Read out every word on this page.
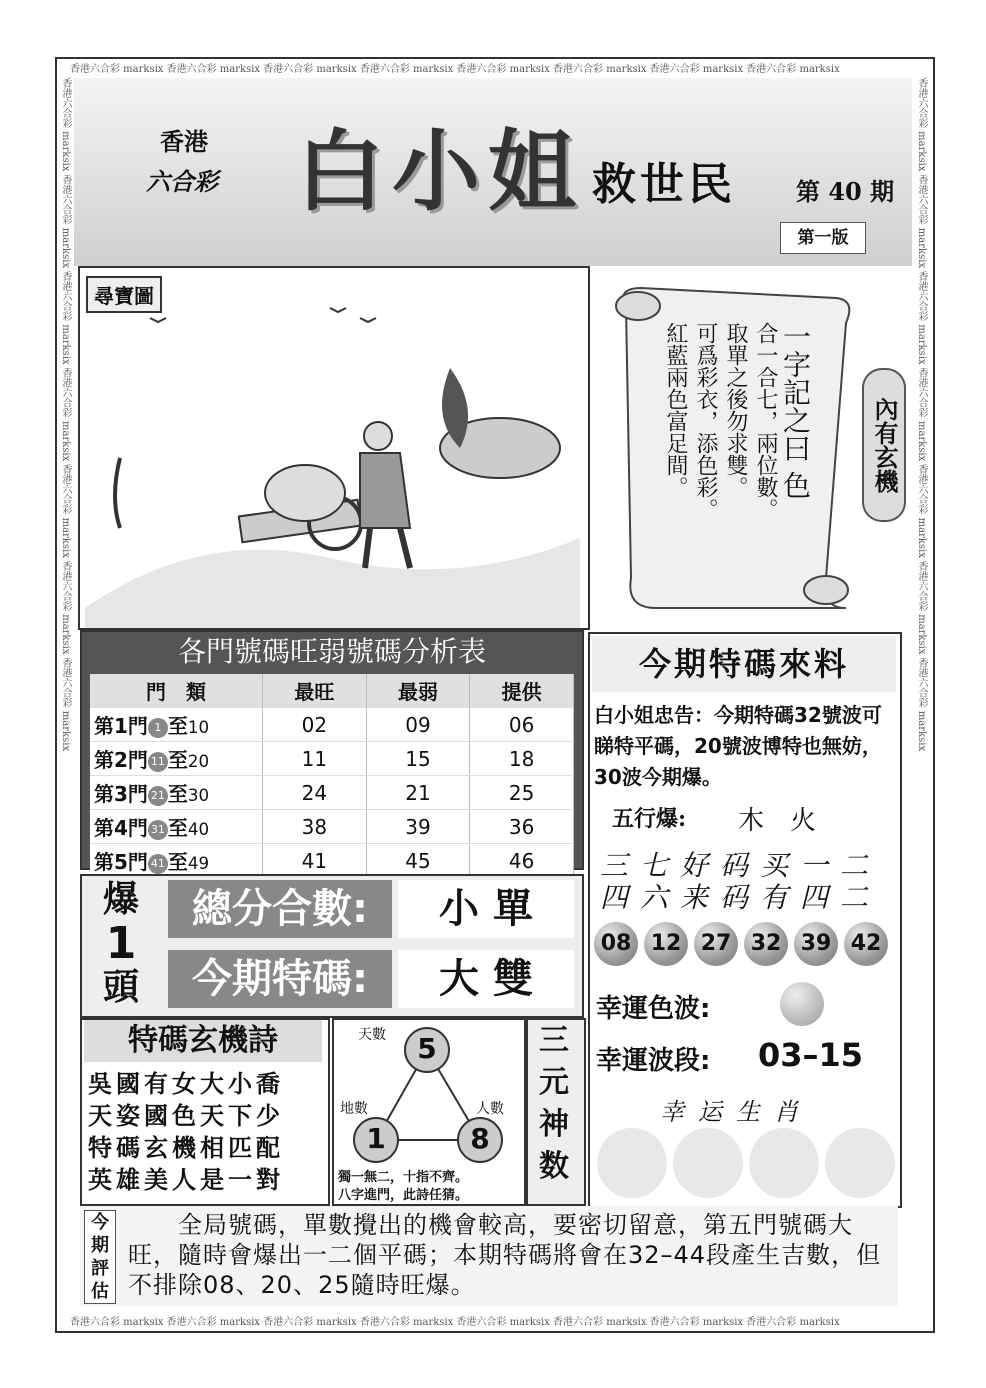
香港六合彩 marksix 香港六合彩 marksix 香港六合彩 marksix 香港六合彩 marksix 香港六合彩 marksix 香港六合彩 marksix 香港六合彩 marksix 香港六合彩 marksix
香港六合彩 marksix 香港六合彩 marksix 香港六合彩 marksix 香港六合彩 marksix 香港六合彩 marksix 香港六合彩 marksix 香港六合彩 marksix 香港六合彩 marksix
香港六合彩 marksix 香港六合彩 marksix 香港六合彩 marksix 香港六合彩 marksix 香港六合彩 marksix 香港六合彩 marksix 香港六合彩 marksix	香港六合彩 marksix 香港六合彩 marksix 香港六合彩 marksix 香港六合彩 marksix 香港六合彩 marksix 香港六合彩 marksix 香港六合彩 marksix
香港
六合彩 白小姐 救世民	第 40 期
第一版
尋寶圖
一字記之曰 色
合一合七，兩位數。
取單之後勿求雙。
可爲彩衣，添色彩。
紅藍兩色富足間。	內有玄機
各門號碼旺弱號碼分析表
門　類	最旺	最弱	提供
第1門 1 至10	02	09	06
第2門 11 至20	11	15	18
第3門 21 至30	24	21	25
第4門 31 至40	38	39	36
第5門 41 至49	41	45	46
今期特碼來料
白小姐忠告：今期特碼32號波可睇特平碼，20號波博特也無妨，30波今期爆。
五行爆: 木　火
三七好码买一二
四六来码有四二
08 12 27 32 39 42
幸運色波:
幸運波段: 03–15
幸运生肖
爆
1
頭
總分合數:	小 單
今期特碼:	大 雙
特碼玄機詩
吳國有女大小喬
天姿國色天下少
特碼玄機相匹配
英雄美人是一對
天數 5
地數
1
人數
8
獨一無二，十指不齊。
八字進門，此詩任猜。
三
元
神
数
今期評估
　　全局號碼，單數攪出的機會較高，要密切留意，第五門號碼大旺，隨時會爆出一二個平碼；本期特碼將會在32–44段產生吉數，但不排除08、20、25隨時旺爆。
